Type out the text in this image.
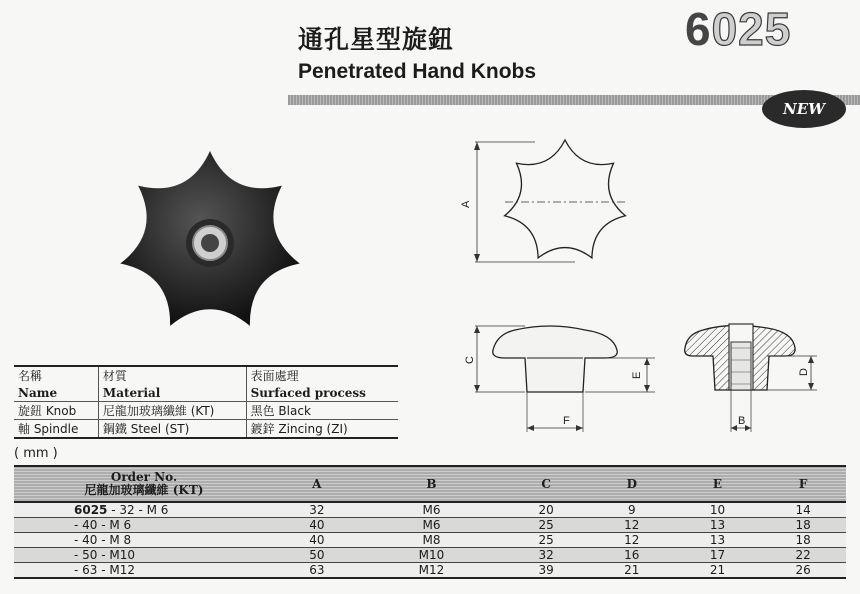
通孔星型旋鈕
Penetrated Hand Knobs
6025
NEW
A
C
E
F
D
B
名稱	材質	表面處理
Name	Material	Surfaced process
旋鈕 Knob	尼龍加玻璃纖維 (KT)	黑色 Black
軸 Spindle	鋼鐵 Steel (ST)	鍍鋅 Zincing (ZI)
( mm )
Order No.
尼龍加玻璃纖維 (KT)	A	B	C	D	E	F
6025 - 32 - M 6	32	M6	20	9	10	14
- 40 - M 6	40	M6	25	12	13	18
- 40 - M 8	40	M8	25	12	13	18
- 50 - M10	50	M10	32	16	17	22
- 63 - M12	63	M12	39	21	21	26
